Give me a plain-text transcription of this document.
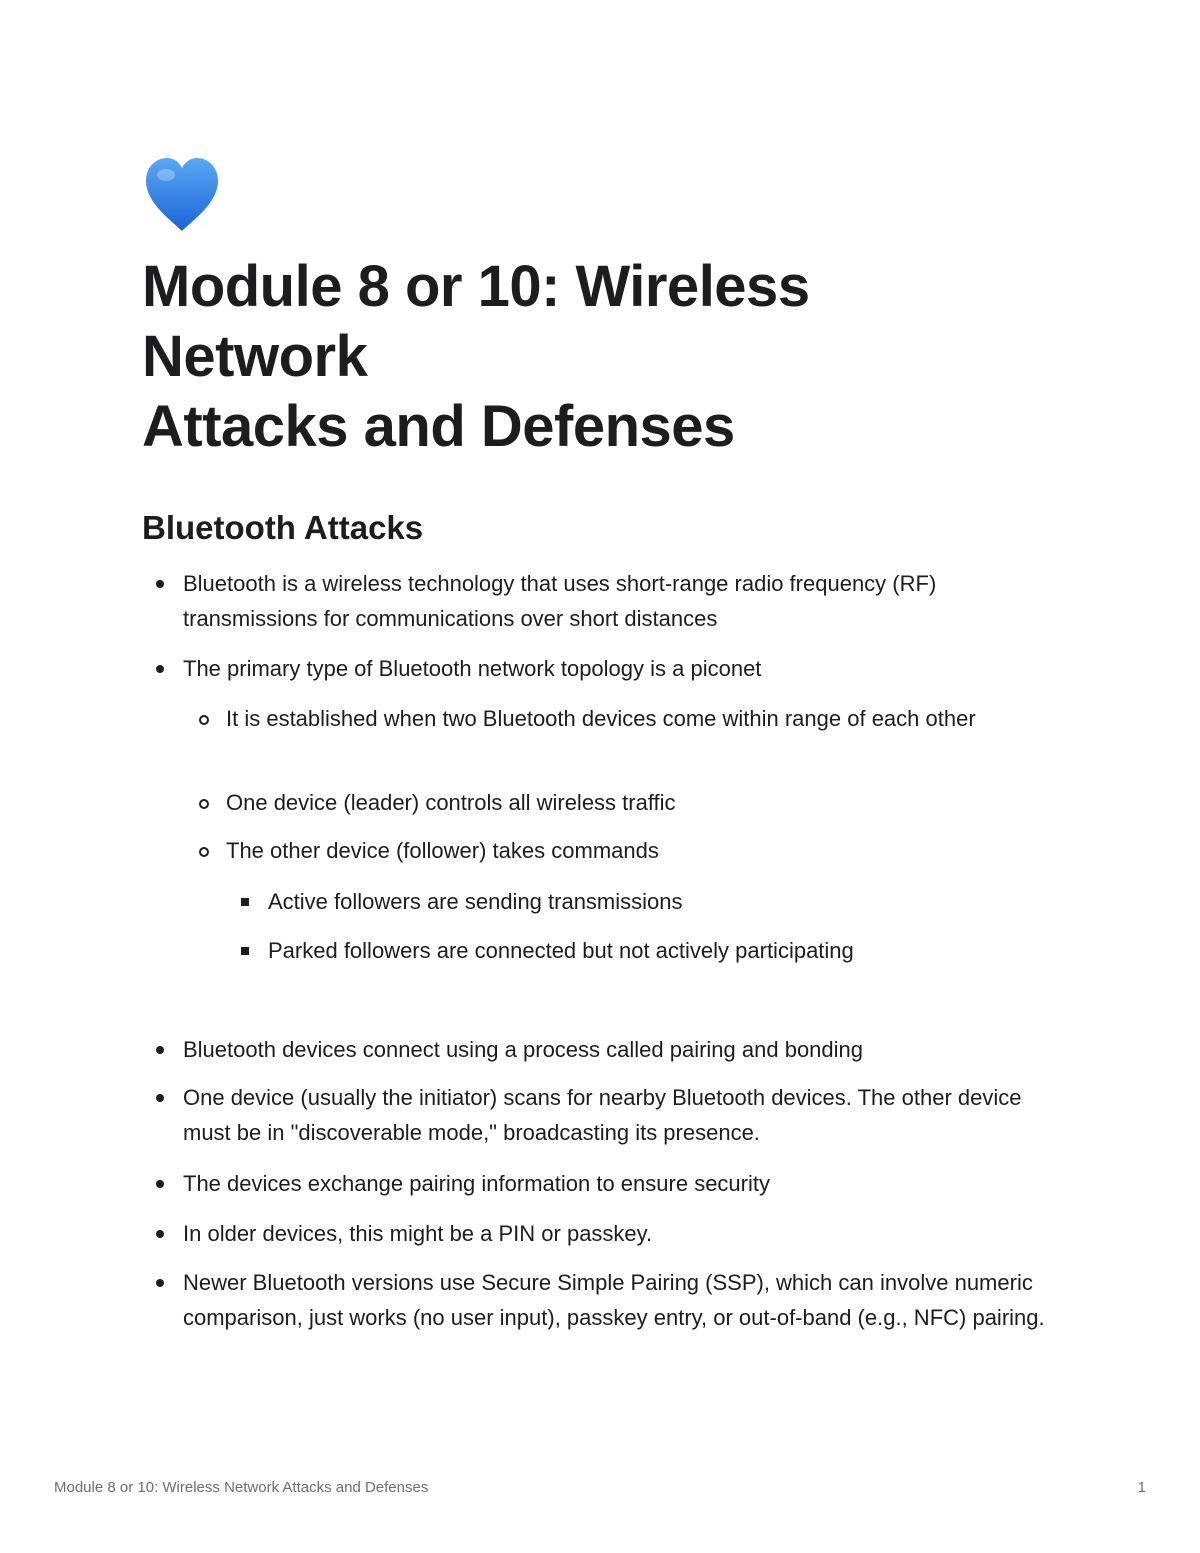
Module 8 or 10: Wireless
Network
Attacks and Defenses
Bluetooth Attacks
Bluetooth is a wireless technology that uses short-range radio frequency (RF) transmissions for communications over short distances
The primary type of Bluetooth network topology is a piconet
It is established when two Bluetooth devices come within range of each other
One device (leader) controls all wireless traffic
The other device (follower) takes commands
Active followers are sending transmissions
Parked followers are connected but not actively participating
Bluetooth devices connect using a process called pairing and bonding
One device (usually the initiator) scans for nearby Bluetooth devices. The other device must be in "discoverable mode," broadcasting its presence.
The devices exchange pairing information to ensure security
In older devices, this might be a PIN or passkey.
Newer Bluetooth versions use Secure Simple Pairing (SSP), which can involve numeric comparison, just works (no user input), passkey entry, or out-of-band (e.g., NFC) pairing.
Module 8 or 10: Wireless Network Attacks and Defenses	1
